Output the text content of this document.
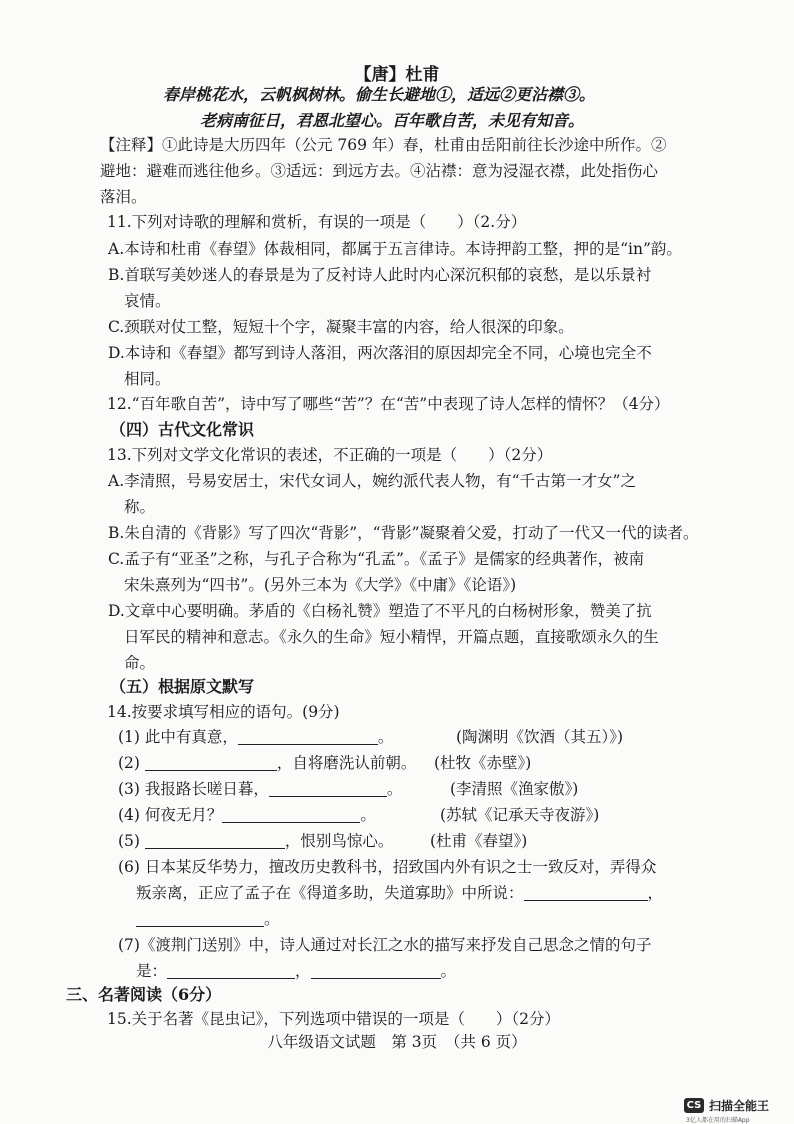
【唐】杜甫
春岸桃花水，云帆枫树林。偷生长避地①，适远②更沾襟③。
老病南征日，君恩北望心。百年歌自苦，未见有知音。
【注释】①此诗是大历四年（公元 769 年）春，杜甫由岳阳前往长沙途中所作。②
避地：避难而逃往他乡。③适远：到远方去。④沾襟：意为浸湿衣襟，此处指伤心
落泪。
11.下列对诗歌的理解和赏析，有误的一项是（　　）（2.分）
A.本诗和杜甫《春望》体裁相同，都属于五言律诗。本诗押韵工整，押的是“in”韵。
B.首联写美妙迷人的春景是为了反衬诗人此时内心深沉积郁的哀愁，是以乐景衬
哀情。
C.颈联对仗工整，短短十个字，凝聚丰富的内容，给人很深的印象。
D.本诗和《春望》都写到诗人落泪，两次落泪的原因却完全不同，心境也完全不
相同。
12.“百年歌自苦”，诗中写了哪些“苦”？在“苦”中表现了诗人怎样的情怀？（4分）
（四）古代文化常识
13.下列对文学文化常识的表述，不正确的一项是（　　）（2分）
A.李清照，号易安居士，宋代女词人，婉约派代表人物，有“千古第一才女”之
称。
B.朱自清的《背影》写了四次“背影”，“背影”凝聚着父爱，打动了一代又一代的读者。
C.孟子有“亚圣”之称，与孔子合称为“孔孟”。《孟子》是儒家的经典著作，被南
宋朱熹列为“四书”。(另外三本为《大学》《中庸》《论语》)
D.文章中心要明确。茅盾的《白杨礼赞》塑造了不平凡的白杨树形象，赞美了抗
日军民的精神和意志。《永久的生命》短小精悍，开篇点题，直接歌颂永久的生
命。
（五）根据原文默写
14.按要求填写相应的语句。(9分)
(1) 此中有真意，	。	(陶渊明《饮酒（其五）》)
(2)	，自将磨洗认前朝。 (杜牧《赤壁》)
(3) 我报路长嗟日暮，	。	(李清照《渔家傲》)
(4) 何夜无月？	。	(苏轼《记承天寺夜游》)
(5)	，恨别鸟惊心。 (杜甫《春望》)
(6) 日本某反华势力，擅改历史教科书，招致国内外有识之士一致反对，弄得众
叛亲离，正应了孟子在《得道多助，失道寡助》中所说：	，
。
(7)《渡荆门送别》中，诗人通过对长江之水的描写来抒发自己思念之情的句子
是：	，	。
三、名著阅读（6分）
15.关于名著《昆虫记》，下列选项中错误的一项是（　　）（2分）
八年级语文试题　第 3页　（共 6 页）
CS 扫描全能王
3亿人都在用的扫描App
